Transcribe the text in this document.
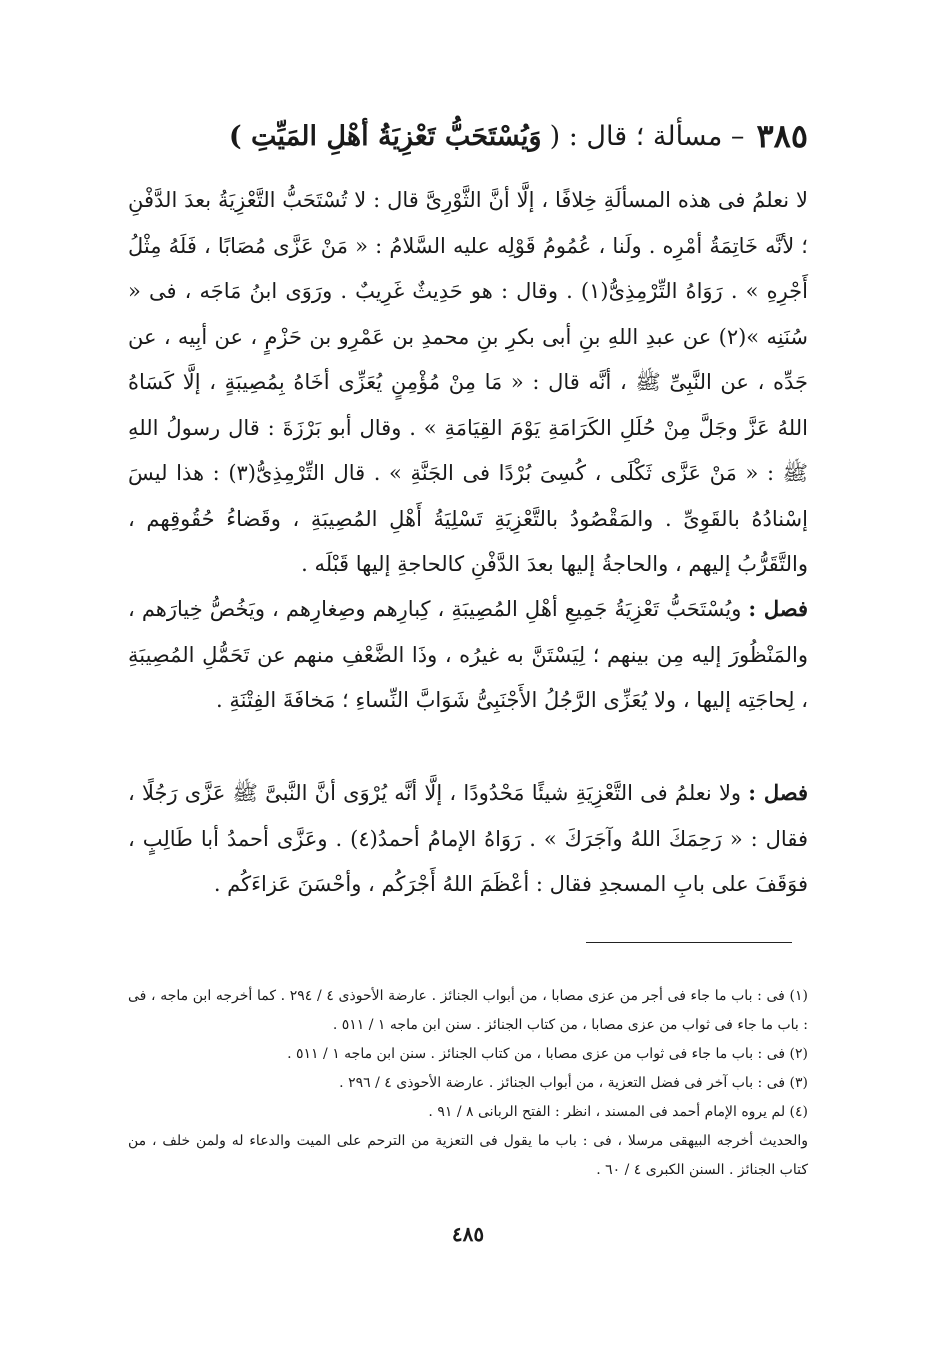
٣٨٥
– مسألة ؛ قال : (
وَيُسْتَحَبُّ تَعْزِيَةُ أهْلِ المَيِّتِ )
لا نعلمُ فى هذه المسألَةِ خِلافًا ، إلَّا أنَّ الثَّوْرِىَّ قال : لا تُسْتَحَبُّ التَّعْزِيَةُ بعدَ الدَّفْنِ ؛ لأنَّه خَاتِمَةُ أمْرِه . ولَنا ، عُمُومُ قَوْلِه عليه السَّلامُ : « مَنْ عَزَّى مُصَابًا ، فَلَهُ مِثْلُ أَجْرِهِ » . رَوَاهُ التِّرْمِذِىُّ(١) . وقال : هو حَدِيثٌ غَرِيبٌ . ورَوَى ابنُ مَاجَه ، فى « سُنَنِه »(٢) عن عبدِ اللهِ بنِ أبى بكرِ بنِ محمدِ بن عَمْرِو بن حَزْمٍ ، عن أبِيه ، عن جَدِّه ، عن النَّبِىِّ ﷺ ، أنَّه قال : « مَا مِنْ مُؤْمِنٍ يُعَزِّى أخَاهُ بِمُصِيبَةٍ ، إلَّا كَسَاهُ اللهُ عَزَّ وجَلَّ مِنْ حُلَلِ الكَرَامَةِ يَوْمَ القِيَامَةِ » . وقال أبو بَرْزَةَ : قال رسولُ اللهِ ﷺ : « مَنْ عَزَّى ثَكْلَى ، كُسِىَ بُرْدًا فى الجَنَّةِ » . قال التِّرْمِذِىُّ(٣) : هذا ليسَ إسْنادُهُ بالقَوِىِّ . والمَقْصُودُ بالتَّعْزِيَةِ تَسْلِيَةُ أَهْلِ المُصِيبَةِ ، وقَضاءُ حُقُوقِهم ، والتَّقَرُّبُ إليهم ، والحاجةُ إليها بعدَ الدَّفْنِ كالحاجةِ إليها قَبْلَه .
فصل : ويُسْتَحَبُّ تَعْزِيَةُ جَمِيعِ أهْلِ المُصِيبَةِ ، كِبارِهم وصِغارِهم ، ويَخُصُّ خِيارَهم ، والمَنْظُورَ إليه مِن بينهم ؛ لِيَسْتَنَّ به غيرُه ، وذَا الضَّعْفِ منهم عن تَحَمُّلِ المُصِيبَةِ ، لِحاجَتِه إليها ، ولا يُعَزِّى الرَّجُلُ الأَجْنَبِىُّ شَوَابَّ النِّساءِ ؛ مَخافَةَ الفِتْنَةِ .
فصل : ولا نعلمُ فى التَّعْزِيَةِ شيئًا مَحْدُودًا ، إلَّا أنَّه يُرْوَى أنَّ النَّبىَّ ﷺ عَزَّى رَجُلًا ، فقال : « رَحِمَكَ اللهُ وآجَرَكَ » . رَوَاهُ الإمامُ أحمدُ(٤) . وعَزَّى أحمدُ أبا طَالِبٍ ، فوَقَفَ على بابِ المسجدِ فقال : أعْظَمَ اللهُ أَجْرَكُم ، وأحْسَنَ عَزاءَكُم .
(١) فى : باب ما جاء فى أجر من عزى مصابا ، من أبواب الجنائز . عارضة الأحوذى ٤ / ٢٩٤ . كما أخرجه ابن ماجه ، فى : باب ما جاء فى ثواب من عزى مصابا ، من كتاب الجنائز . سنن ابن ماجه ١ / ٥١١ .
(٢) فى : باب ما جاء فى ثواب من عزى مصابا ، من كتاب الجنائز . سنن ابن ماجه ١ / ٥١١ .
(٣) فى : باب آخر فى فضل التعزية ، من أبواب الجنائز . عارضة الأحوذى ٤ / ٢٩٦ .
(٤) لم يروه الإمام أحمد فى المسند ، انظر : الفتح الربانى ٨ / ٩١ .
والحديث أخرجه البيهقى مرسلا ، فى : باب ما يقول فى التعزية من الترحم على الميت والدعاء له ولمن خلف ، من كتاب الجنائز . السنن الكبرى ٤ / ٦٠ .
٤٨٥
